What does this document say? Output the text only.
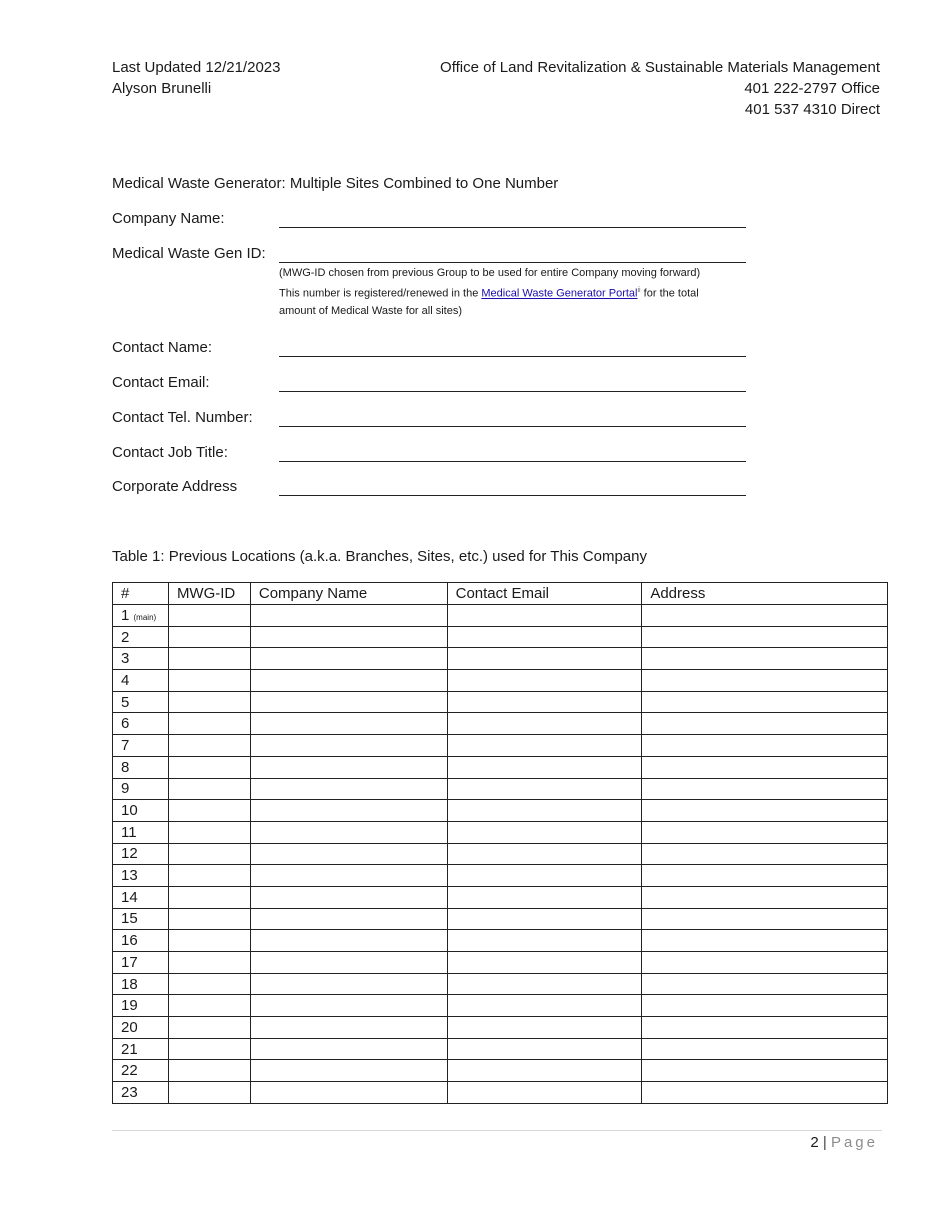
Last Updated 12/21/2023
Alyson Brunelli
Office of Land Revitalization & Sustainable Materials Management
401 222-2797 Office
401 537 4310 Direct
Medical Waste Generator: Multiple Sites Combined to One Number
Company Name:
Medical Waste Gen ID:
(MWG-ID chosen from previous Group to be used for entire Company moving forward)
This number is registered/renewed in the Medical Waste Generator Portal$^{ii}$ for the total
amount of Medical Waste for all sites)
Contact Name:
Contact Email:
Contact Tel. Number:
Contact Job Title:
Corporate Address
Table 1: Previous Locations (a.k.a. Branches, Sites, etc.) used for This Company
#	MWG-ID	Company Name	Contact Email	Address
1 (main)				
2				
3				
4				
5				
6				
7				
8				
9				
10				
11				
12				
13				
14				
15				
16				
17				
18				
19				
20				
21				
22				
23				
2 | Page
